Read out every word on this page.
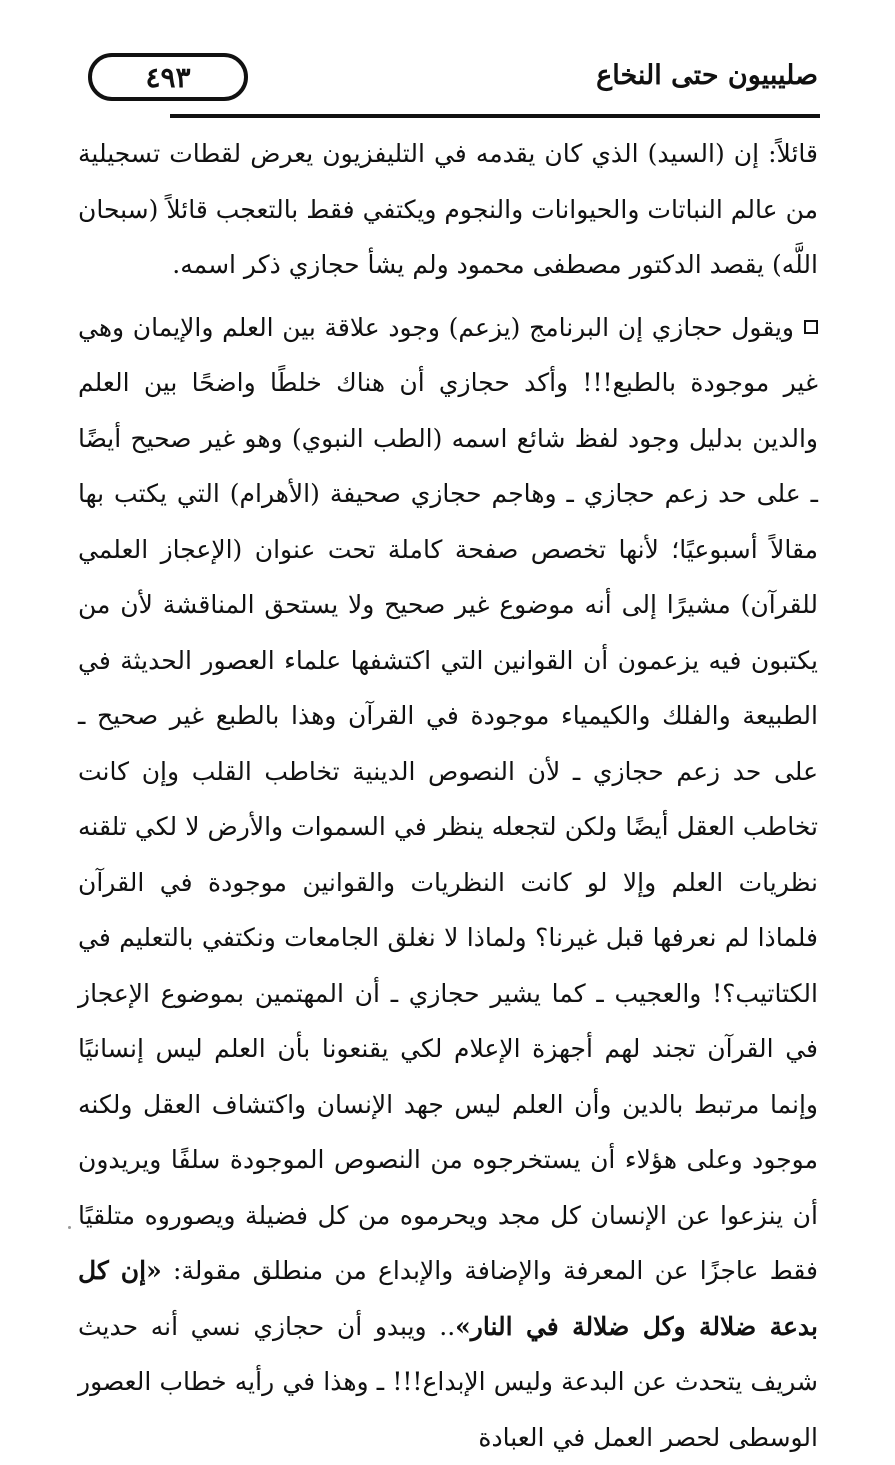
٤٩٣	صليبيون حتى النخاع

قائلاً: إن (السيد) الذي كان يقدمه في التليفزيون يعرض لقطات تسجيلية من عالم النباتات والحيوانات والنجوم ويكتفي فقط بالتعجب قائلاً (سبحان اللَّه) يقصد الدكتور مصطفى محمود ولم يشأ حجازي ذكر اسمه.

ويقول حجازي إن البرنامج (يزعم) وجود علاقة بين العلم والإيمان وهي غير موجودة بالطبع!!! وأكد حجازي أن هناك خلطًا واضحًا بين العلم والدين بدليل وجود لفظ شائع اسمه (الطب النبوي) وهو غير صحيح أيضًا ـ على حد زعم حجازي ـ وهاجم حجازي صحيفة (الأهرام) التي يكتب بها مقالاً أسبوعيًا؛ لأنها تخصص صفحة كاملة تحت عنوان (الإعجاز العلمي للقرآن) مشيرًا إلى أنه موضوع غير صحيح ولا يستحق المناقشة لأن من يكتبون فيه يزعمون أن القوانين التي اكتشفها علماء العصور الحديثة في الطبيعة والفلك والكيمياء موجودة في القرآن وهذا بالطبع غير صحيح ـ على حد زعم حجازي ـ لأن النصوص الدينية تخاطب القلب وإن كانت تخاطب العقل أيضًا ولكن لتجعله ينظر في السموات والأرض لا لكي تلقنه نظريات العلم وإلا لو كانت النظريات والقوانين موجودة في القرآن فلماذا لم نعرفها قبل غيرنا؟ ولماذا لا نغلق الجامعات ونكتفي بالتعليم في الكتاتيب؟! والعجيب ـ كما يشير حجازي ـ أن المهتمين بموضوع الإعجاز في القرآن تجند لهم أجهزة الإعلام لكي يقنعونا بأن العلم ليس إنسانيًا وإنما مرتبط بالدين وأن العلم ليس جهد الإنسان واكتشاف العقل ولكنه موجود وعلى هؤلاء أن يستخرجوه من النصوص الموجودة سلفًا ويريدون أن ينزعوا عن الإنسان كل مجد ويحرموه من كل فضيلة ويصوروه متلقيًا فقط عاجزًا عن المعرفة والإضافة والإبداع من منطلق مقولة: «إن كل بدعة ضلالة وكل ضلالة في النار».. ويبدو أن حجازي نسي أنه حديث شريف يتحدث عن البدعة وليس الإبداع!!! ـ وهذا في رأيه خطاب العصور الوسطى لحصر العمل في العبادة
